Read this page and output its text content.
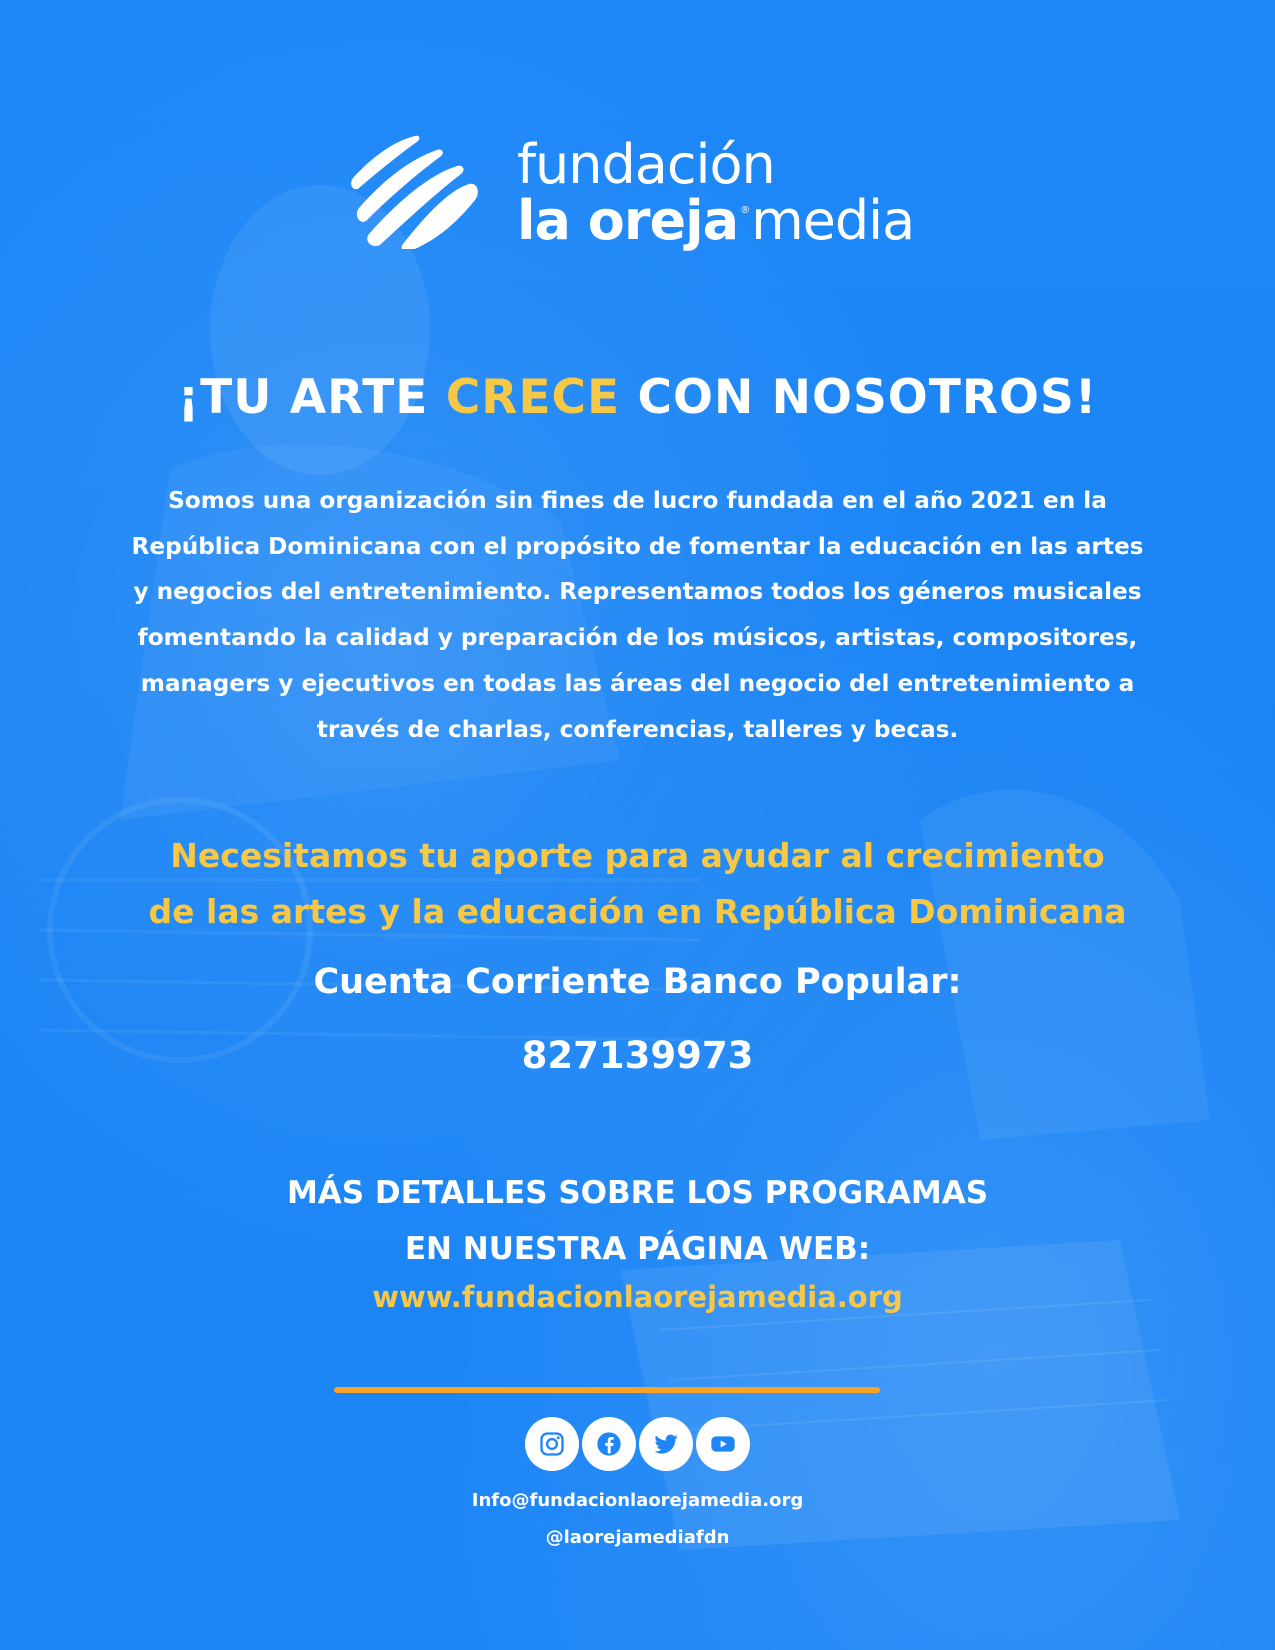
fundación
la oreja ®media
¡TU ARTE CRECE CON NOSOTROS!
Somos una organización sin fines de lucro fundada en el año 2021 en la República Dominicana con el propósito de fomentar la educación en las artes y negocios del entretenimiento. Representamos todos los géneros musicales fomentando la calidad y preparación de los músicos, artistas, compositores, managers y ejecutivos en todas las áreas del negocio del entretenimiento a través de charlas, conferencias, talleres y becas.
Necesitamos tu aporte para ayudar al crecimiento
de las artes y la educación en República Dominicana
Cuenta Corriente Banco Popular:
827139973
MÁS DETALLES SOBRE LOS PROGRAMAS
EN NUESTRA PÁGINA WEB:
www.fundacionlaorejamedia.org
Info@fundacionlaorejamedia.org
@laorejamediafdn
